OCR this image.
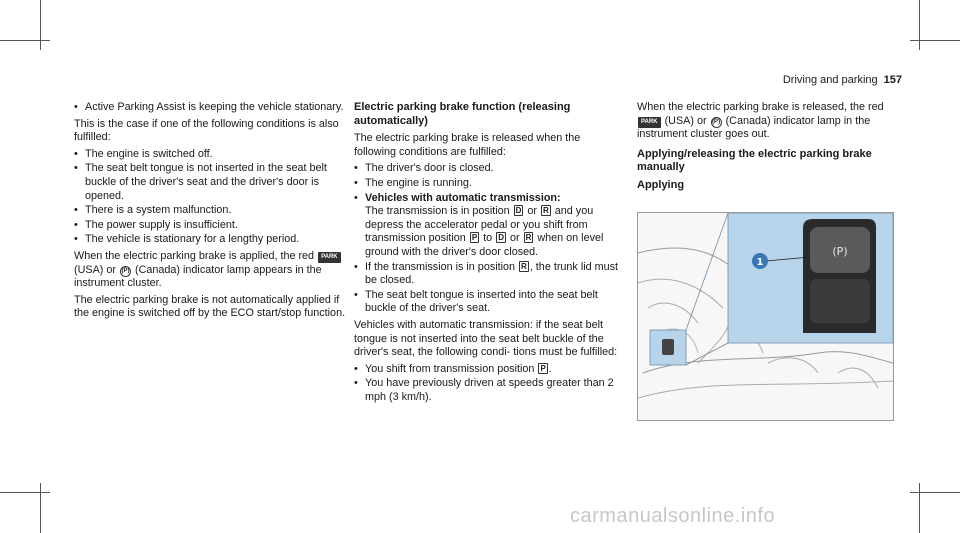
Driving and parking 157
• Active Parking Assist is keeping the vehicle stationary.

This is the case if one of the following conditions is also fulfilled:

• The engine is switched off.
• The seat belt tongue is not inserted in the seat belt buckle of the driver's seat and the driver's door is opened.
• There is a system malfunction.
• The power supply is insufficient.
• The vehicle is stationary for a lengthy period.

When the electric parking brake is applied, the red PARK (USA) or (P) (Canada) indicator lamp appears in the instrument cluster.

The electric parking brake is not automatically applied if the engine is switched off by the ECO start/stop function.

Electric parking brake function (releasing automatically)

The electric parking brake is released when the following conditions are fulfilled:

• The driver's door is closed.
• The engine is running.
• Vehicles with automatic transmission:
The transmission is in position D or R and you depress the accelerator pedal or you shift from transmission position P to D or R when on level ground with the driver's door closed.
• If the transmission is in position R , the trunk lid must be closed.
• The seat belt tongue is inserted into the seat belt buckle of the driver's seat.

Vehicles with automatic transmission: if the seat belt tongue is not inserted into the seat belt buckle of the driver's seat, the following condi- tions must be fulfilled:

• You shift from transmission position P .
• You have previously driven at speeds greater than 2 mph (3 km/h).

When the electric parking brake is released, the red PARK (USA) or (P) (Canada) indicator lamp in the instrument cluster goes out.

Applying/releasing the electric parking brake manually
Applying
(P)
1
carmanualsonline.info
